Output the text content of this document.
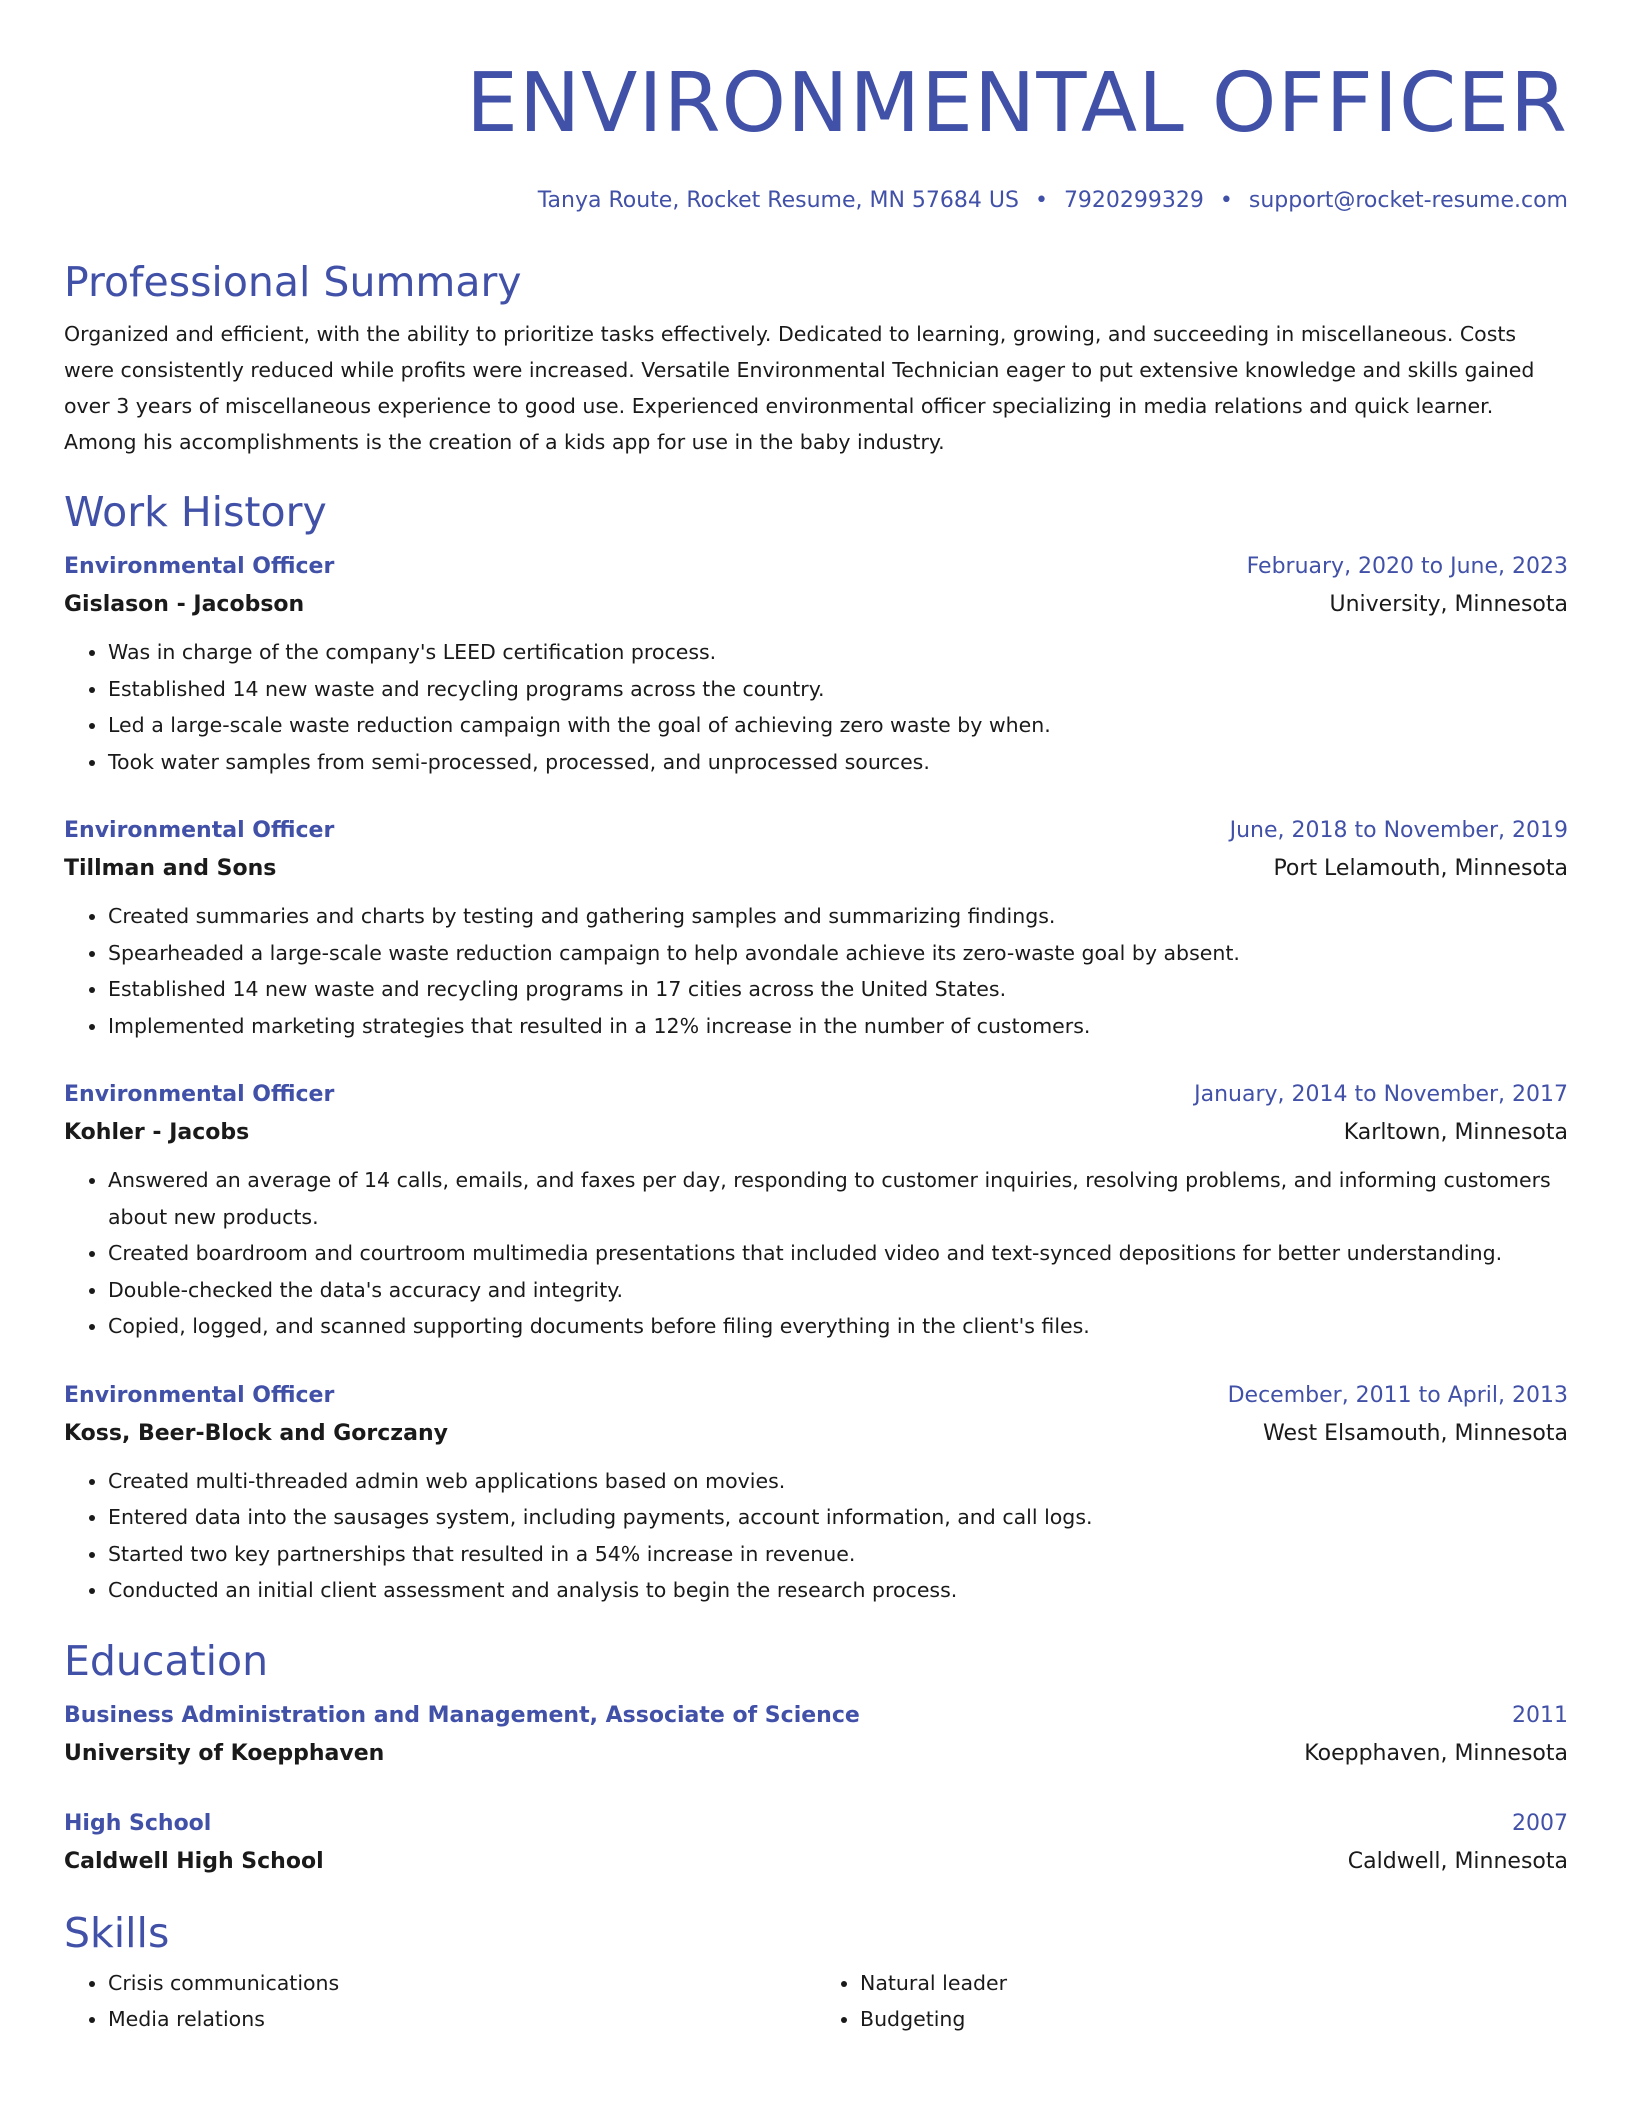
ENVIRONMENTAL OFFICER
Tanya Route, Rocket Resume, MN 57684 US • 7920299329 • support@rocket-resume.com
Professional Summary

Organized and efficient, with the ability to prioritize tasks effectively. Dedicated to learning, growing, and succeeding in miscellaneous. Costs were consistently reduced while profits were increased. Versatile Environmental Technician eager to put extensive knowledge and skills gained over 3 years of miscellaneous experience to good use. Experienced environmental officer specializing in media relations and quick learner. Among his accomplishments is the creation of a kids app for use in the baby industry.

Work History
Environmental Officer	February, 2020 to June, 2023
Gislason - Jacobson	University, Minnesota
• Was in charge of the company's LEED certification process.
• Established 14 new waste and recycling programs across the country.
• Led a large-scale waste reduction campaign with the goal of achieving zero waste by when.
• Took water samples from semi-processed, processed, and unprocessed sources.
Environmental Officer	June, 2018 to November, 2019
Tillman and Sons	Port Lelamouth, Minnesota
• Created summaries and charts by testing and gathering samples and summarizing findings.
• Spearheaded a large-scale waste reduction campaign to help avondale achieve its zero-waste goal by absent.
• Established 14 new waste and recycling programs in 17 cities across the United States.
• Implemented marketing strategies that resulted in a 12% increase in the number of customers.
Environmental Officer	January, 2014 to November, 2017
Kohler - Jacobs	Karltown, Minnesota
• Answered an average of 14 calls, emails, and faxes per day, responding to customer inquiries, resolving problems, and informing customers about new products.
• Created boardroom and courtroom multimedia presentations that included video and text-synced depositions for better understanding.
• Double-checked the data's accuracy and integrity.
• Copied, logged, and scanned supporting documents before filing everything in the client's files.
Environmental Officer	December, 2011 to April, 2013
Koss, Beer-Block and Gorczany	West Elsamouth, Minnesota
• Created multi-threaded admin web applications based on movies.
• Entered data into the sausages system, including payments, account information, and call logs.
• Started two key partnerships that resulted in a 54% increase in revenue.
• Conducted an initial client assessment and analysis to begin the research process.
Education
Business Administration and Management, Associate of Science	2011
University of Koepphaven	Koepphaven, Minnesota
High School	2007
Caldwell High School	Caldwell, Minnesota
Skills
• Crisis communications
• Media relations
• Natural leader
• Budgeting
